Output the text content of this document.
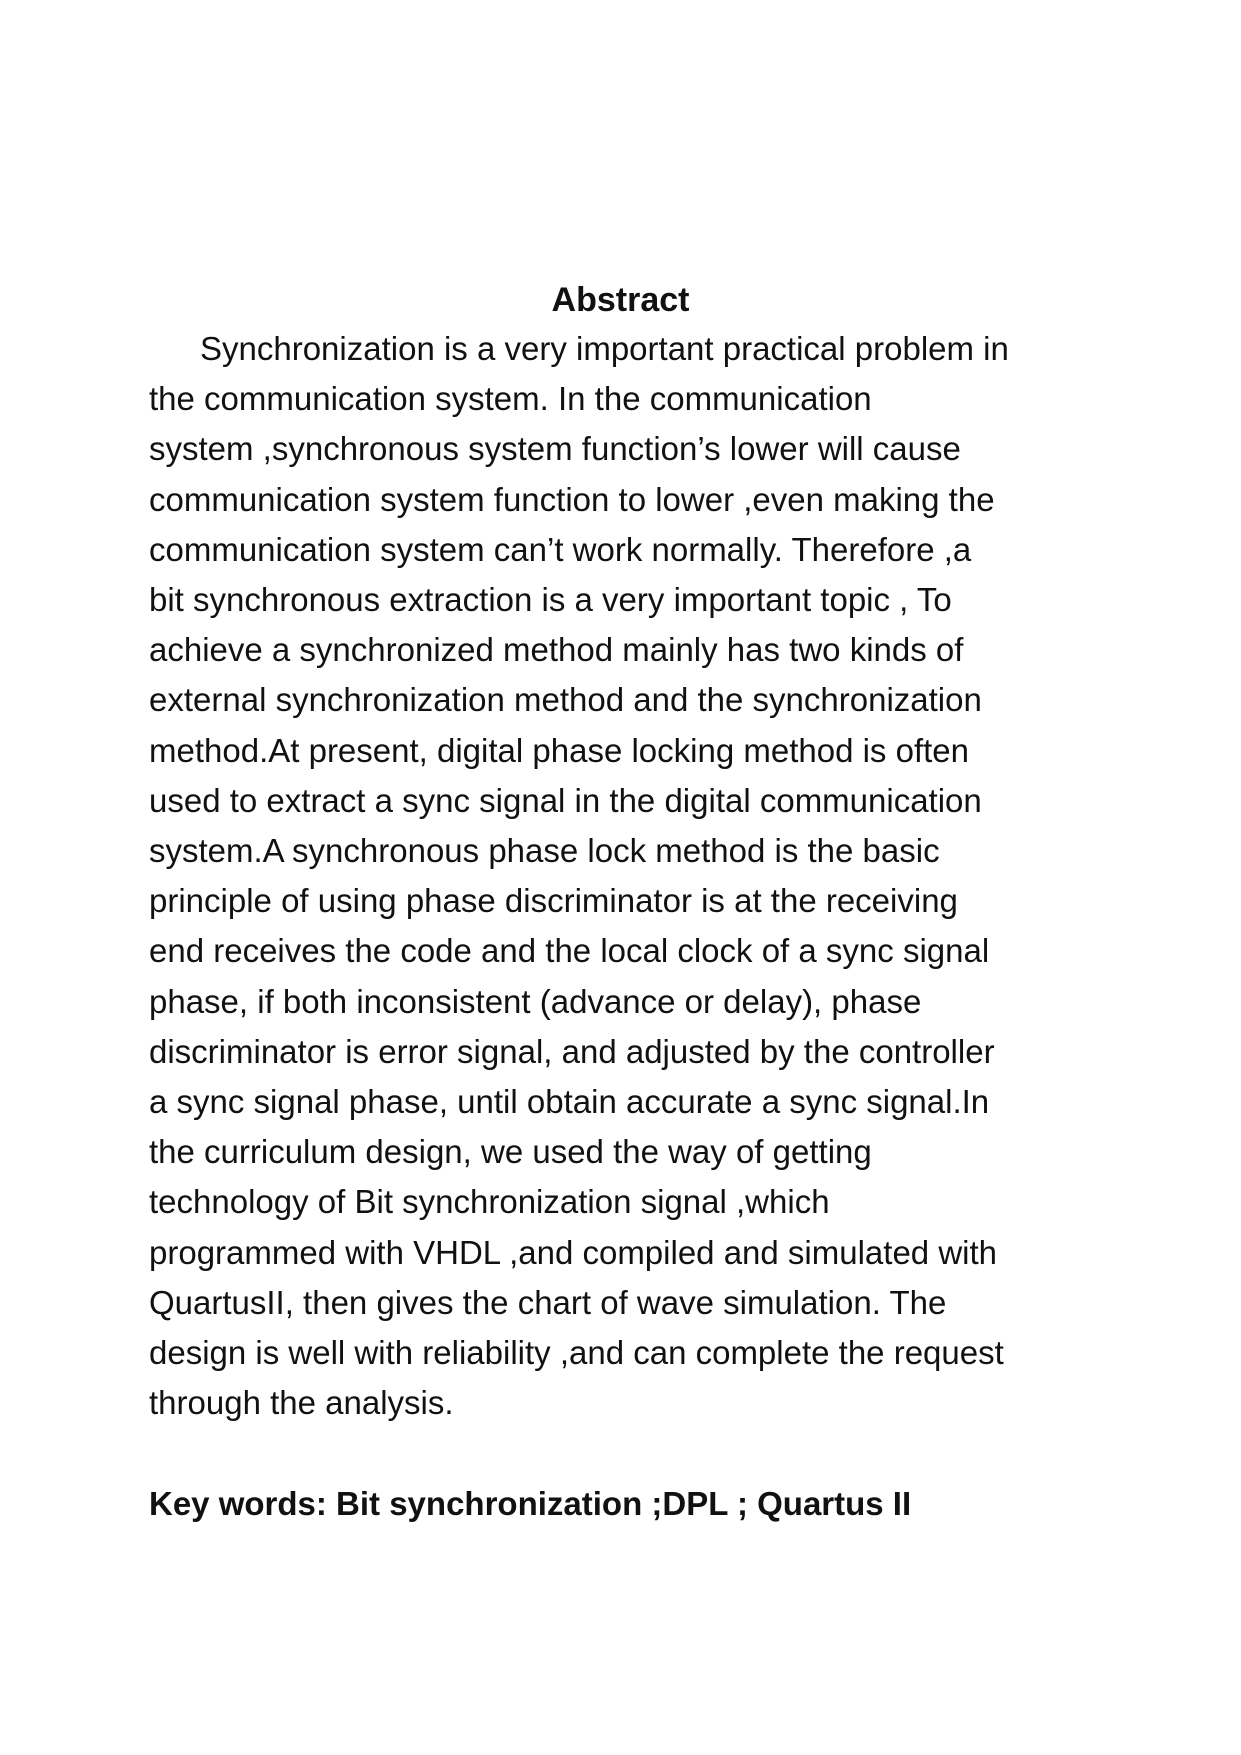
Abstract

Synchronization is a very important practical problem in
the communication system. In the communication
system ,synchronous system function’s lower will cause
communication system function to lower ,even making the
communication system can’t work normally. Therefore ,a
bit synchronous extraction is a very important topic , To
achieve a synchronized method mainly has two kinds of
external synchronization method and the synchronization
method.At present, digital phase locking method is often
used to extract a sync signal in the digital communication
system.A synchronous phase lock method is the basic
principle of using phase discriminator is at the receiving
end receives the code and the local clock of a sync signal
phase, if both inconsistent (advance or delay), phase
discriminator is error signal, and adjusted by the controller
a sync signal phase, until obtain accurate a sync signal.In
the curriculum design, we used the way of getting
technology of Bit synchronization signal ,which
programmed with VHDL ,and compiled and simulated with
QuartusII, then gives the chart of wave simulation. The
design is well with reliability ,and can complete the request
through the analysis.

Key words: Bit synchronization ;DPL ; Quartus II
